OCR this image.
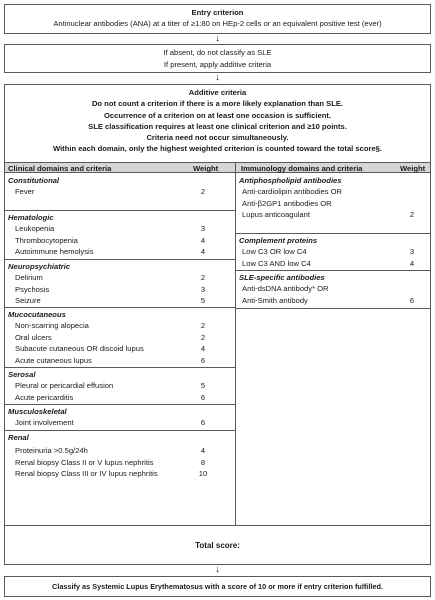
Entry criterion
Antinuclear antibodies (ANA) at a titer of ≥1:80 on HEp-2 cells or an equivalent positive test (ever)
↓
If absent, do not classify as SLE
If present, apply additive criteria
↓
Additive criteria
Do not count a criterion if there is a more likely explanation than SLE.
Occurrence of a criterion on at least one occasion is sufficient.
SLE classification requires at least one clinical criterion and ≥10 points.
Criteria need not occur simultaneously.
Within each domain, only the highest weighted criterion is counted toward the total score§.
Clinical domains and criteria	Weight	Immunology domains and criteria	Weight
Constitutional
Fever	2
Hematologic
Leukopenia	3
Thrombocytopenia	4
Autoimmune hemolysis	4
Neuropsychiatric
Delirium	2
Psychosis	3
Seizure	5
Mucocutaneous
Non-scarring alopecia	2
Oral ulcers	2
Subacute cutaneous OR discoid lupus	4
Acute cutaneous lupus	6
Serosal
Pleural or pericardial effusion	5
Acute pericarditis	6
Musculoskeletal
Joint involvement	6
Renal
Proteinuria >0.5g/24h	4
Renal biopsy Class II or V lupus nephritis	8
Renal biopsy Class III or IV lupus nephritis	10
Antiphospholipid antibodies
Anti-cardiolipin antibodies OR
Anti-β2GP1 antibodies OR
Lupus anticoagulant	2
Complement proteins
Low C3 OR low C4	3
Low C3 AND low C4	4
SLE-specific antibodies
Anti-dsDNA antibody* OR
Anti-Smith antibody	6
Total score:
↓
Classify as Systemic Lupus Erythematosus with a score of 10 or more if entry criterion fulfilled.
